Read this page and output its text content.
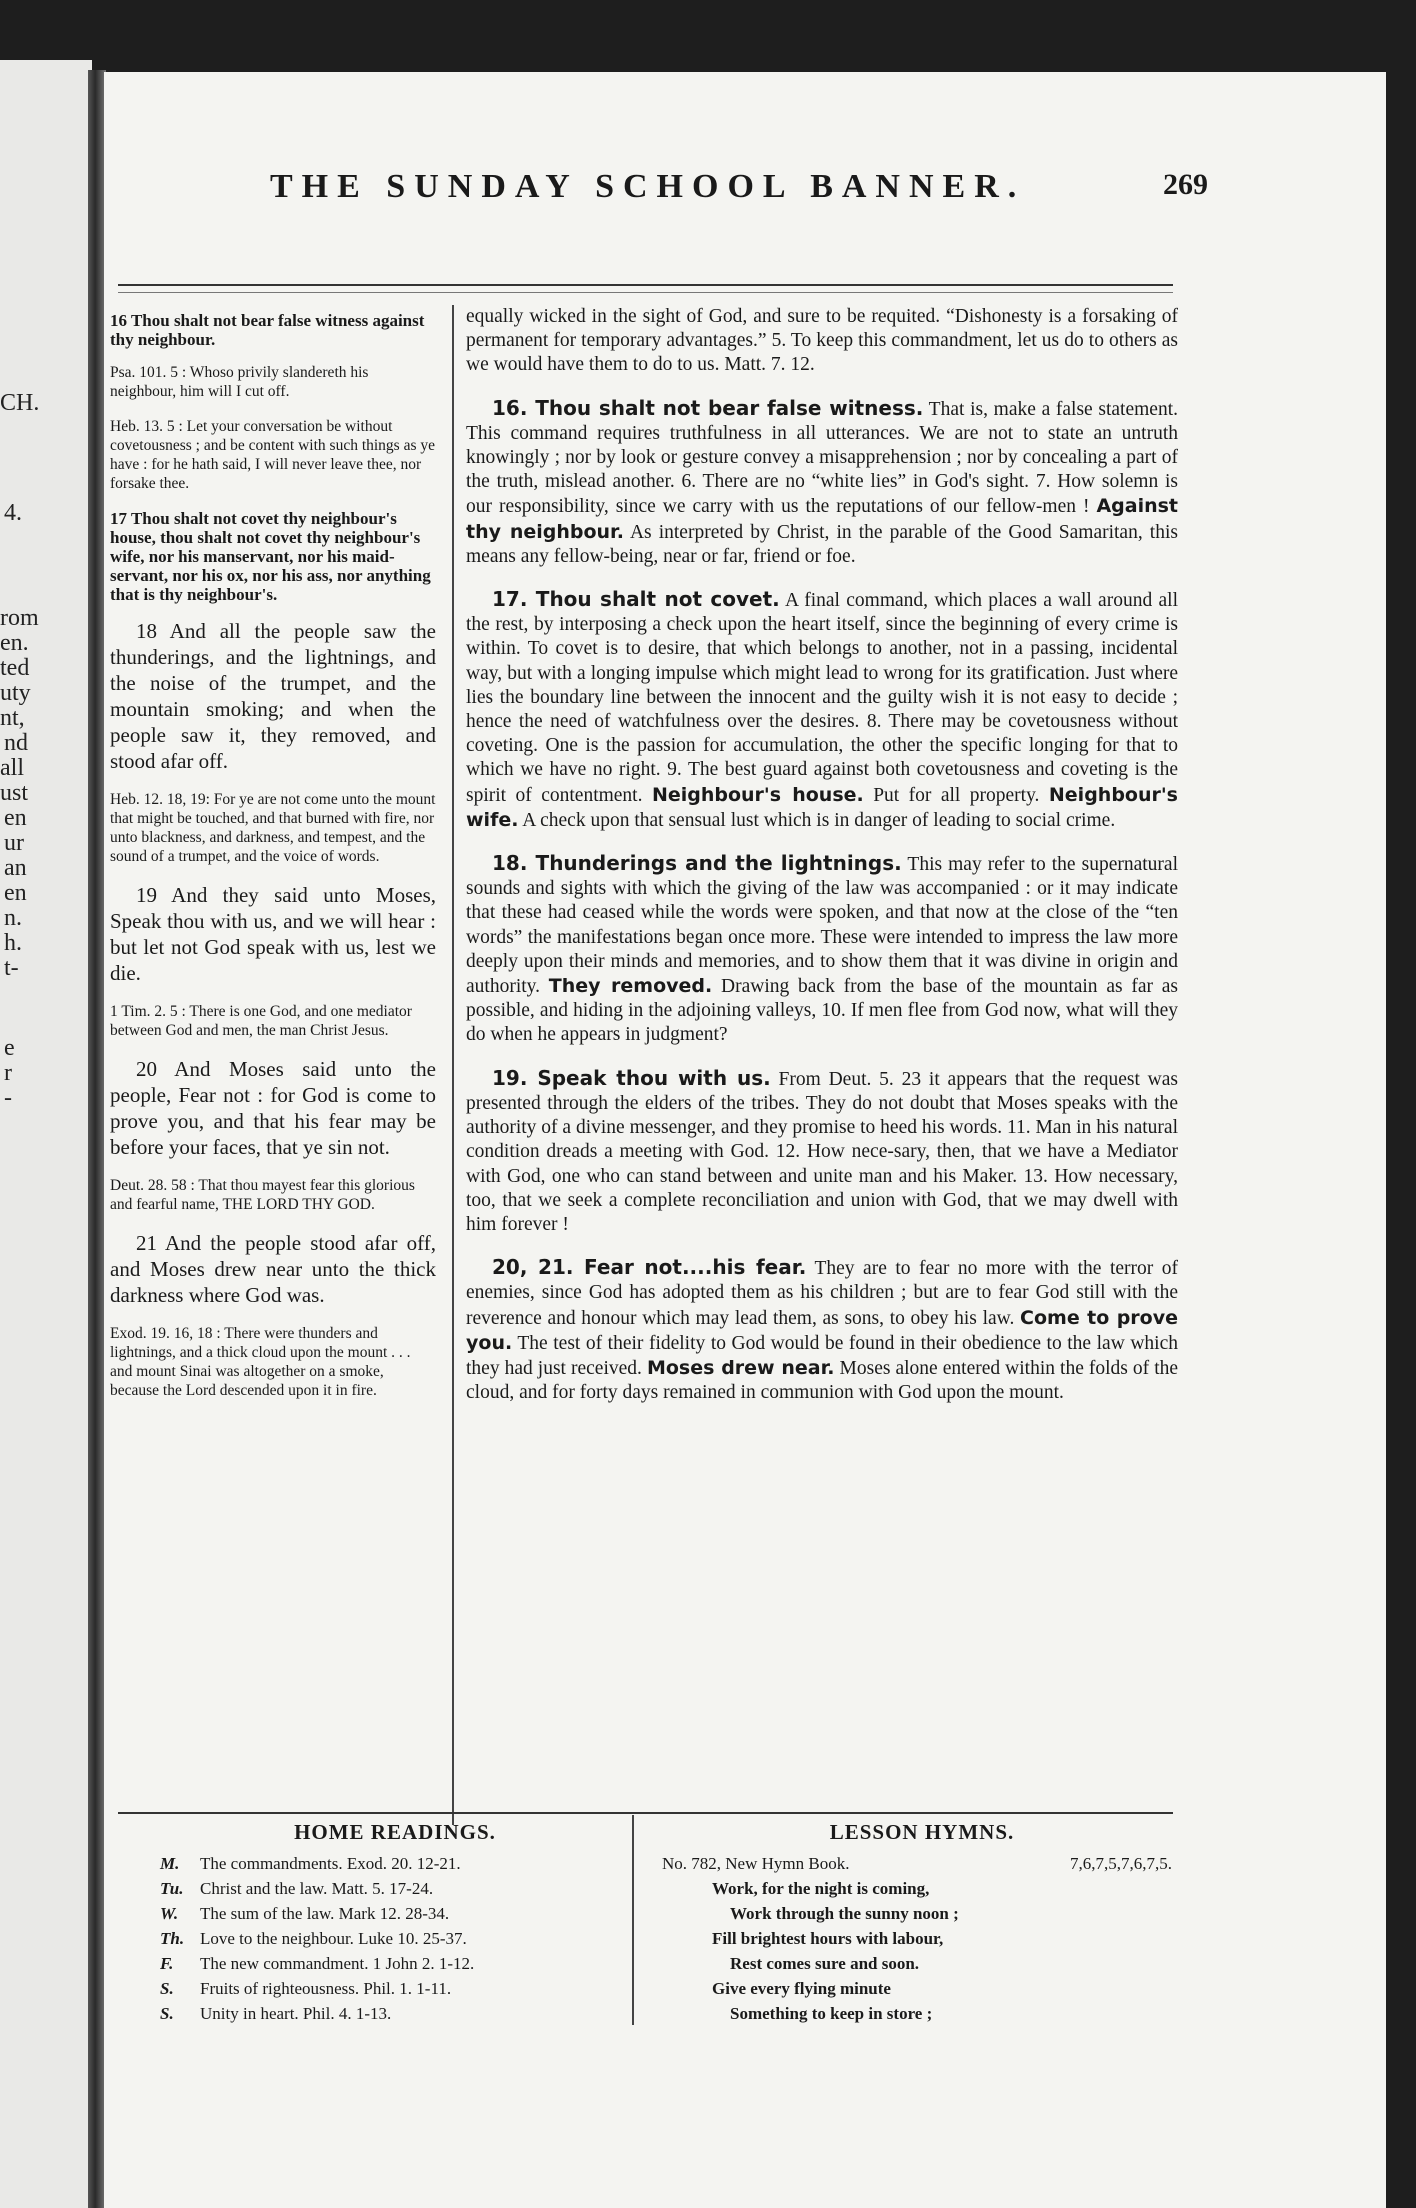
CH.
4.
rom
en.
ted
uty
nt,
nd
all
ust
en
ur
an
en
n.
h.
t-
e
r
-
THE SUNDAY SCHOOL BANNER.	269

16 Thou shalt not bear false witness against thy neighbour.

Psa. 101. 5 : Whoso privily slandereth his neighbour, him will I cut off.

Heb. 13. 5 : Let your conversation be without covetousness ; and be content with such things as ye have : for he hath said, I will never leave thee, nor forsake thee.

17 Thou shalt not covet thy neighbour's house, thou shalt not covet thy neighbour's wife, nor his manservant, nor his maid-servant, nor his ox, nor his ass, nor anything that is thy neighbour's.

18 And all the people saw the thunderings, and the lightnings, and the noise of the trumpet, and the mountain smoking; and when the people saw it, they removed, and stood afar off.

Heb. 12. 18, 19: For ye are not come unto the mount that might be touched, and that burned with fire, nor unto blackness, and darkness, and tempest, and the sound of a trumpet, and the voice of words.

19 And they said unto Moses, Speak thou with us, and we will hear : but let not God speak with us, lest we die.

1 Tim. 2. 5 : There is one God, and one mediator between God and men, the man Christ Jesus.

20 And Moses said unto the people, Fear not : for God is come to prove you, and that his fear may be before your faces, that ye sin not.

Deut. 28. 58 : That thou mayest fear this glorious and fearful name, THE LORD THY GOD.

21 And the people stood afar off, and Moses drew near unto the thick darkness where God was.

Exod. 19. 16, 18 : There were thunders and lightnings, and a thick cloud upon the mount . . . and mount Sinai was altogether on a smoke, because the Lord descended upon it in fire.

equally wicked in the sight of God, and sure to be requited. “Dishonesty is a forsaking of permanent for temporary advantages.” 5. To keep this commandment, let us do to others as we would have them to do to us. Matt. 7. 12.

16. Thou shalt not bear false witness. That is, make a false statement. This command requires truthfulness in all utterances. We are not to state an untruth knowingly ; nor by look or gesture convey a misapprehension ; nor by concealing a part of the truth, mislead another. 6. There are no “white lies” in God's sight. 7. How solemn is our responsibility, since we carry with us the reputations of our fellow-men ! Against thy neighbour. As interpreted by Christ, in the parable of the Good Samaritan, this means any fellow-being, near or far, friend or foe.

17. Thou shalt not covet. A final command, which places a wall around all the rest, by interposing a check upon the heart itself, since the beginning of every crime is within. To covet is to desire, that which belongs to another, not in a passing, incidental way, but with a longing impulse which might lead to wrong for its gratification. Just where lies the boundary line between the innocent and the guilty wish it is not easy to decide ; hence the need of watchfulness over the desires. 8. There may be covetousness without coveting. One is the passion for accumulation, the other the specific longing for that to which we have no right. 9. The best guard against both covetousness and coveting is the spirit of contentment. Neighbour's house. Put for all property. Neighbour's wife. A check upon that sensual lust which is in danger of leading to social crime.

18. Thunderings and the lightnings. This may refer to the supernatural sounds and sights with which the giving of the law was accompanied : or it may indicate that these had ceased while the words were spoken, and that now at the close of the “ten words” the manifestations began once more. These were intended to impress the law more deeply upon their minds and memories, and to show them that it was divine in origin and authority. They removed. Drawing back from the base of the mountain as far as possible, and hiding in the adjoining valleys, 10. If men flee from God now, what will they do when he appears in judgment?

19. Speak thou with us. From Deut. 5. 23 it appears that the request was presented through the elders of the tribes. They do not doubt that Moses speaks with the authority of a divine messenger, and they promise to heed his words. 11. Man in his natural condition dreads a meeting with God. 12. How nece-sary, then, that we have a Mediator with God, one who can stand between and unite man and his Maker. 13. How necessary, too, that we seek a complete reconciliation and union with God, that we may dwell with him forever !

20, 21. Fear not....his fear. They are to fear no more with the terror of enemies, since God has adopted them as his children ; but are to fear God still with the reverence and honour which may lead them, as sons, to obey his law. Come to prove you. The test of their fidelity to God would be found in their obedience to the law which they had just received. Moses drew near. Moses alone entered within the folds of the cloud, and for forty days remained in communion with God upon the mount.

HOME READINGS.
M. The commandments. Exod. 20. 12-21.
Tu. Christ and the law. Matt. 5. 17-24.
W. The sum of the law. Mark 12. 28-34.
Th. Love to the neighbour. Luke 10. 25-37.
F. The new commandment. 1 John 2. 1-12.
S. Fruits of righteousness. Phil. 1. 1-11.
S. Unity in heart. Phil. 4. 1-13.
LESSON HYMNS.
No. 782, New Hymn Book.	7,6,7,5,7,6,7,5.
Work, for the night is coming,
Work through the sunny noon ;
Fill brightest hours with labour,
Rest comes sure and soon.
Give every flying minute
Something to keep in store ;
